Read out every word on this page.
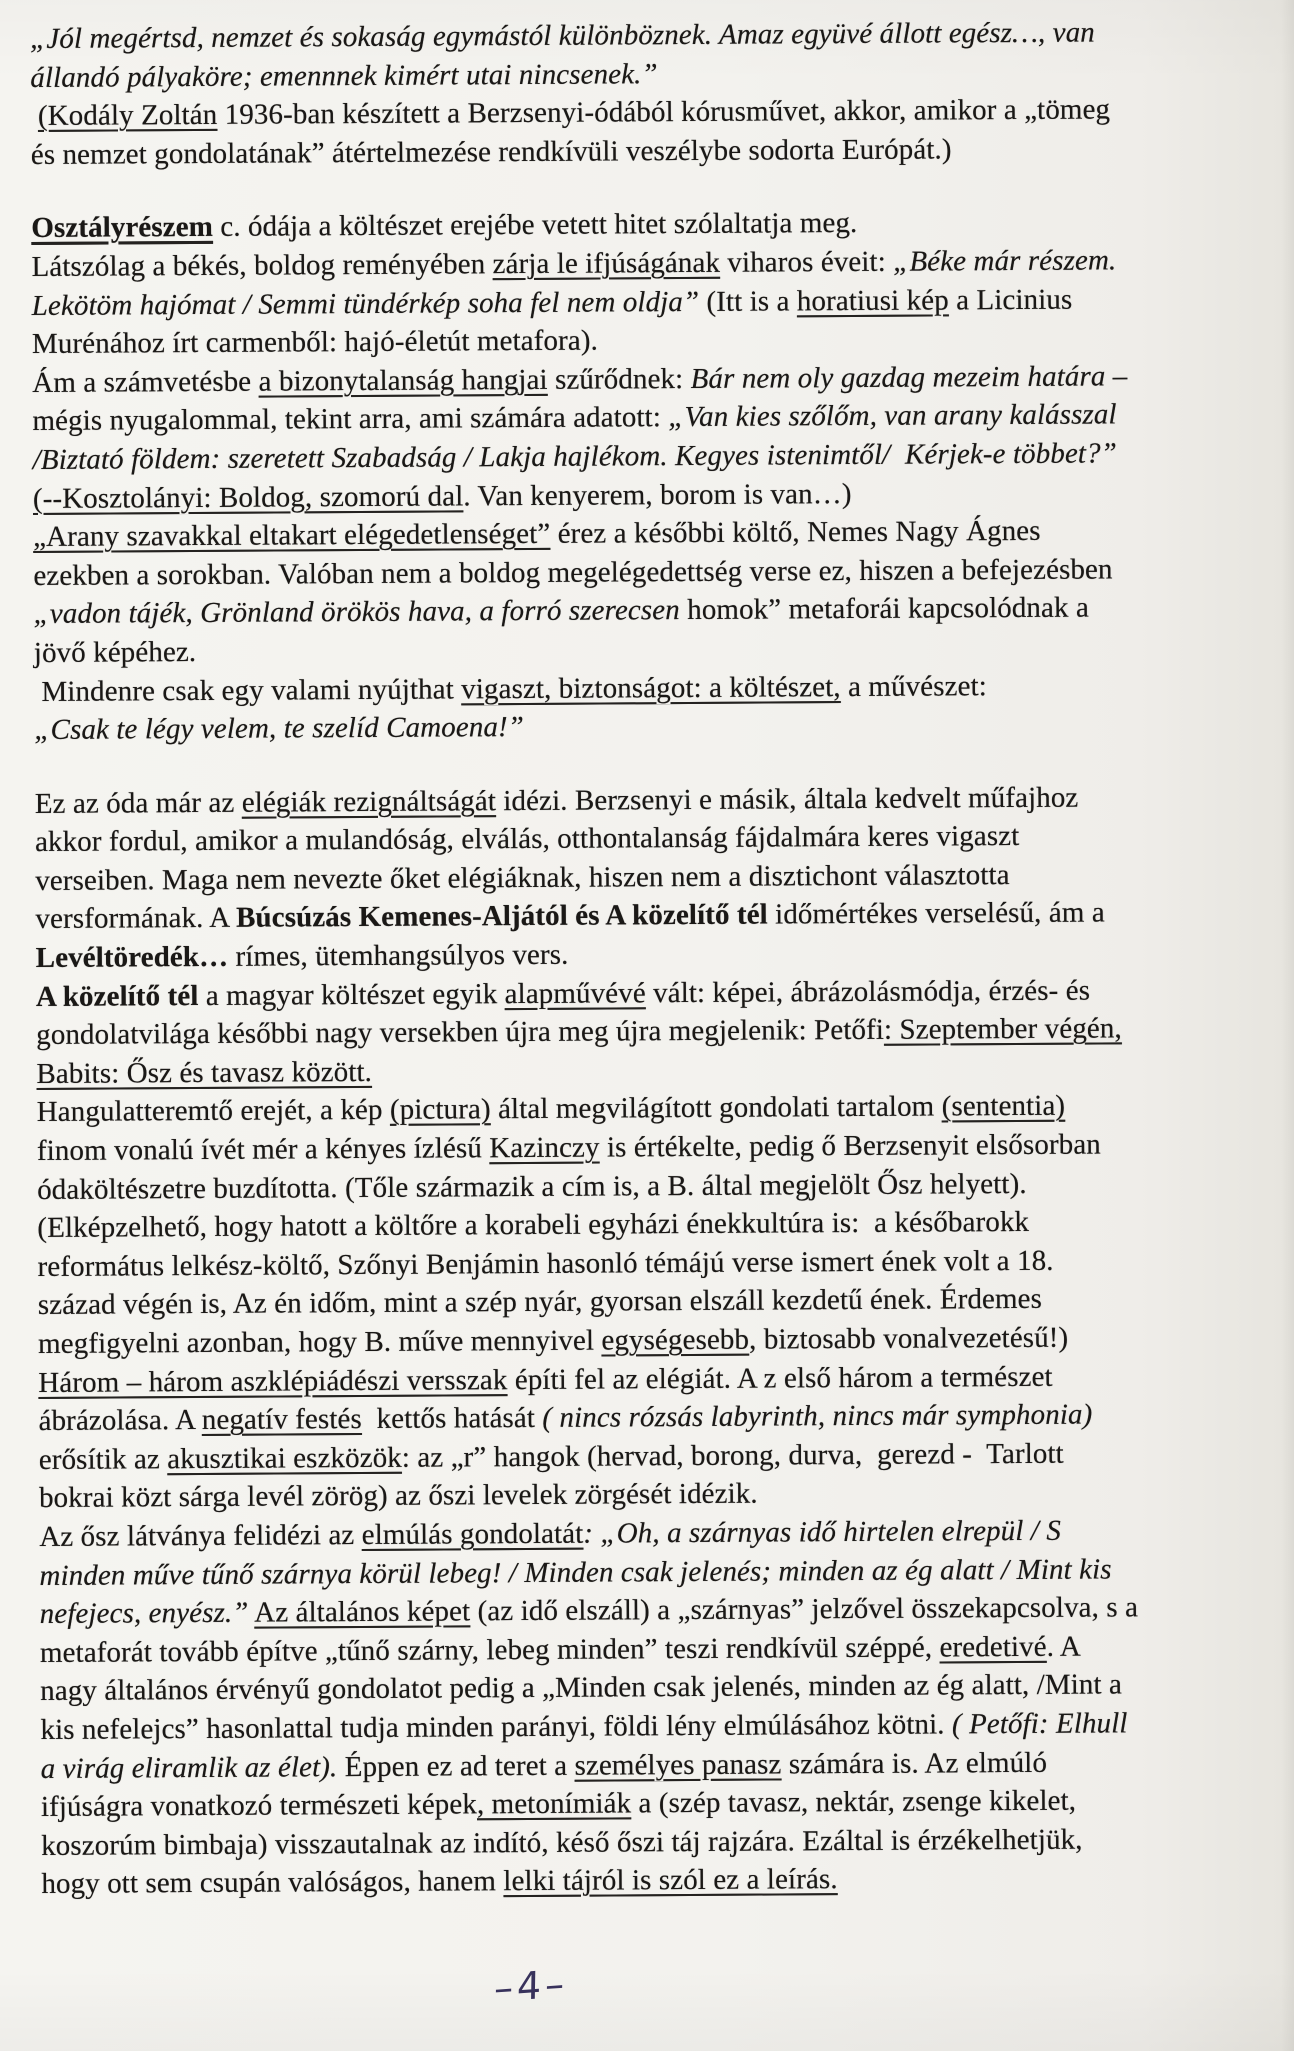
„Jól megértsd, nemzet és sokaság egymástól különböznek. Amaz együvé állott egész…, van
állandó pályaköre; emennnek kimért utai nincsenek.”
(Kodály Zoltán 1936-ban készített a Berzsenyi-ódából kórusművet, akkor, amikor a „tömeg
és nemzet gondolatának” átértelmezése rendkívüli veszélybe sodorta Európát.)
Osztályrészem c. ódája a költészet erejébe vetett hitet szólaltatja meg.
Látszólag a békés, boldog reményében zárja le ifjúságának viharos éveit: „Béke már részem.
Lekötöm hajómat / Semmi tündérkép soha fel nem oldja” (Itt is a horatiusi kép a Licinius
Murénához írt carmenből: hajó-életút metafora).
Ám a számvetésbe a bizonytalanság hangjai szűrődnek: Bár nem oly gazdag mezeim határa –
mégis nyugalommal, tekint arra, ami számára adatott: „Van kies szőlőm, van arany kalásszal
/Biztató földem: szeretett Szabadság / Lakja hajlékom. Kegyes istenimtől/  Kérjek-e többet?”
(--Kosztolányi: Boldog, szomorú dal. Van kenyerem, borom is van…)
„Arany szavakkal eltakart elégedetlenséget” érez a későbbi költő, Nemes Nagy Ágnes
ezekben a sorokban. Valóban nem a boldog megelégedettség verse ez, hiszen a befejezésben
„vadon tájék, Grönland örökös hava, a forró szerecsen homok” metaforái kapcsolódnak a
jövő képéhez.
Mindenre csak egy valami nyújthat vigaszt, biztonságot: a költészet, a művészet:
„Csak te légy velem, te szelíd Camoena!”
Ez az óda már az elégiák rezignáltságát idézi. Berzsenyi e másik, általa kedvelt műfajhoz
akkor fordul, amikor a mulandóság, elválás, otthontalanság fájdalmára keres vigaszt
verseiben. Maga nem nevezte őket elégiáknak, hiszen nem a disztichont választotta
versformának. A Búcsúzás Kemenes-Aljától és A közelítő tél időmértékes verselésű, ám a
Levéltöredék… rímes, ütemhangsúlyos vers.
A közelítő tél a magyar költészet egyik alapművévé vált: képei, ábrázolásmódja, érzés- és
gondolatvilága későbbi nagy versekben újra meg újra megjelenik: Petőfi: Szeptember végén,
Babits: Ősz és tavasz között.
Hangulatteremtő erejét, a kép (pictura) által megvilágított gondolati tartalom (sententia)
finom vonalú ívét mér a kényes ízlésű Kazinczy is értékelte, pedig ő Berzsenyit elsősorban
ódaköltészetre buzdította. (Tőle származik a cím is, a B. által megjelölt Ősz helyett).
(Elképzelhető, hogy hatott a költőre a korabeli egyházi énekkultúra is:  a későbarokk
református lelkész-költő, Szőnyi Benjámin hasonló témájú verse ismert ének volt a 18.
század végén is, Az én időm, mint a szép nyár, gyorsan elszáll kezdetű ének. Érdemes
megfigyelni azonban, hogy B. műve mennyivel egységesebb, biztosabb vonalvezetésű!)
Három – három aszklépiádészi versszak építi fel az elégiát. A z első három a természet
ábrázolása. A negatív festés  kettős hatását ( nincs rózsás labyrinth, nincs már symphonia)
erősítik az akusztikai eszközök: az „r” hangok (hervad, borong, durva,  gerezd -  Tarlott
bokrai közt sárga levél zörög) az őszi levelek zörgését idézik.
Az ősz látványa felidézi az elmúlás gondolatát: „Oh, a szárnyas idő hirtelen elrepül / S
minden műve tűnő szárnya körül lebeg! / Minden csak jelenés; minden az ég alatt / Mint kis
nefejecs, enyész.” Az általános képet (az idő elszáll) a „szárnyas” jelzővel összekapcsolva, s a
metaforát tovább építve „tűnő szárny, lebeg minden” teszi rendkívül széppé, eredetivé. A
nagy általános érvényű gondolatot pedig a „Minden csak jelenés, minden az ég alatt, /Mint a
kis nefelejcs” hasonlattal tudja minden parányi, földi lény elmúlásához kötni. ( Petőfi: Elhull
a virág eliramlik az élet). Éppen ez ad teret a személyes panasz számára is. Az elmúló
ifjúságra vonatkozó természeti képek, metonímiák a (szép tavasz, nektár, zsenge kikelet,
koszorúm bimbaja) visszautalnak az indító, késő őszi táj rajzára. Ezáltal is érzékelhetjük,
hogy ott sem csupán valóságos, hanem lelki tájról is szól ez a leírás.
–4–
